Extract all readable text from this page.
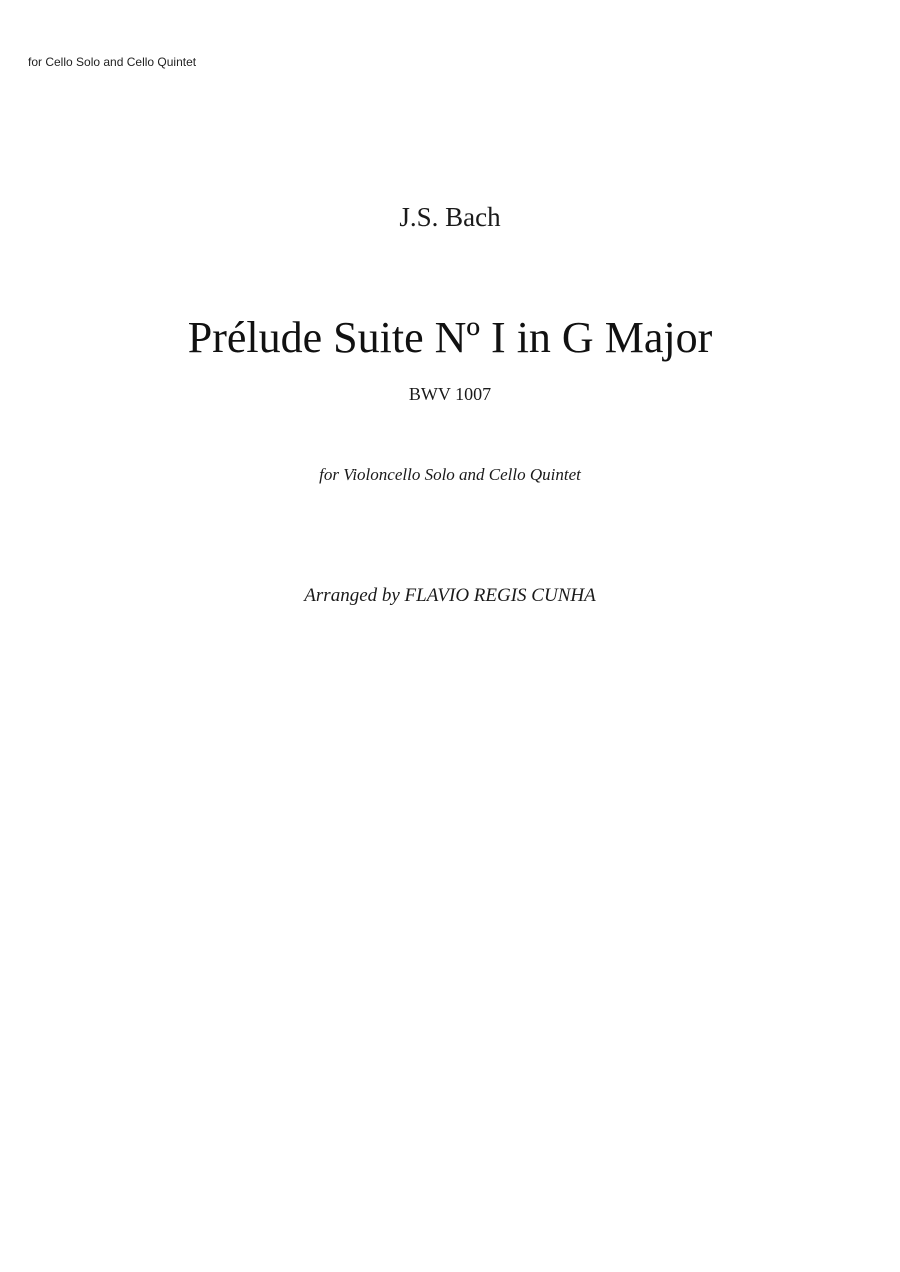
for Cello Solo and Cello Quintet
J.S. Bach
Prélude Suite Nº I in G Major
BWV 1007
for Violoncello Solo and Cello Quintet
Arranged by FLAVIO REGIS CUNHA
